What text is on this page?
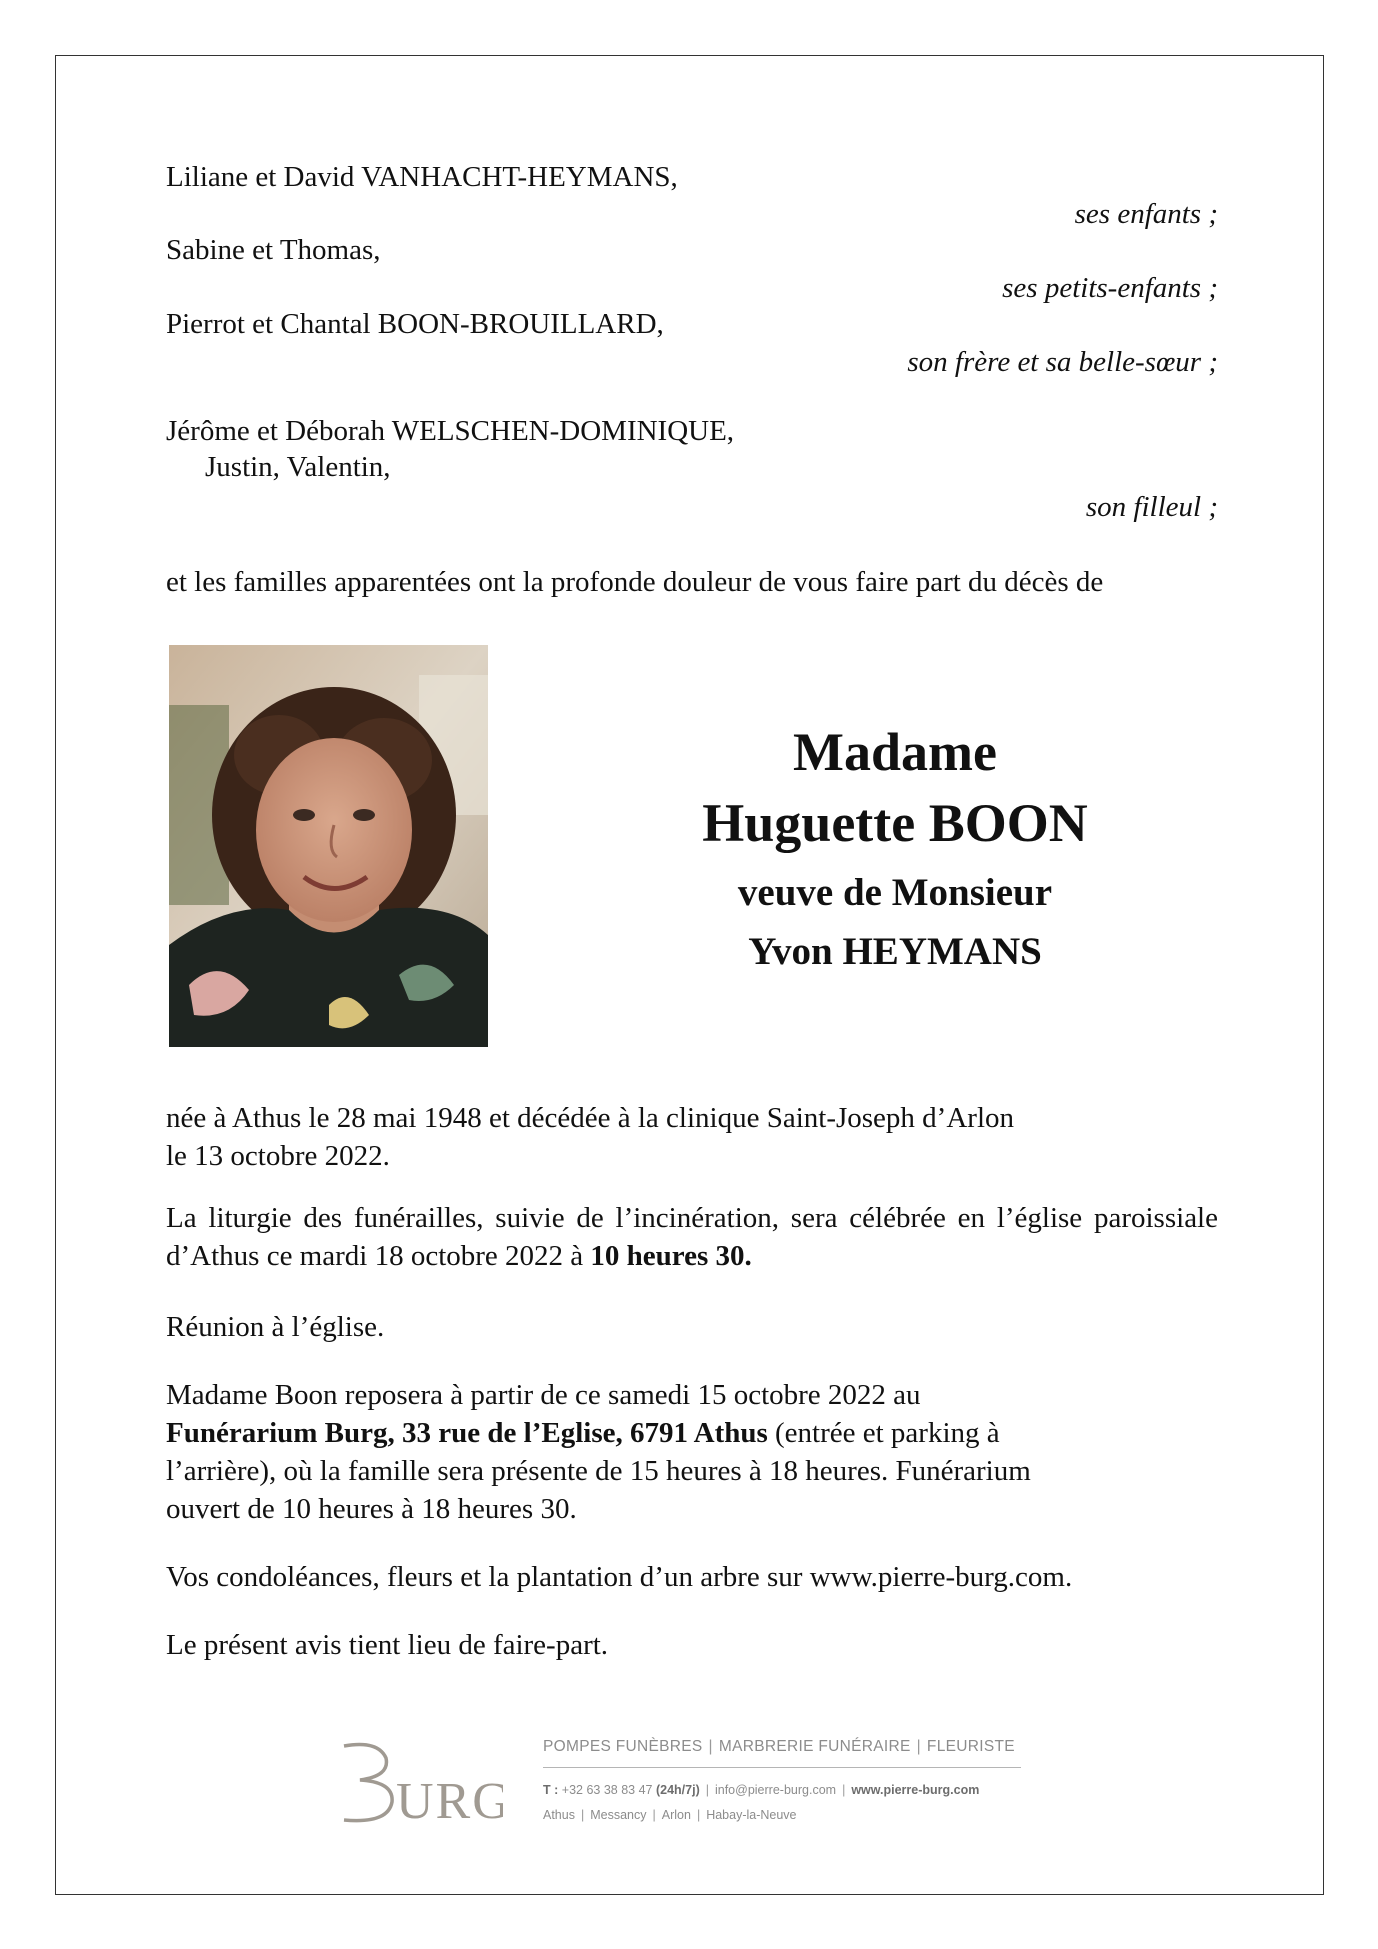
Liliane et David VANHACHT-HEYMANS,
ses enfants ;
Sabine et Thomas,
ses petits-enfants ;
Pierrot et Chantal BOON-BROUILLARD,
son frère et sa belle-sœur ;
Jérôme et Déborah WELSCHEN-DOMINIQUE,
Justin, Valentin,
son filleul ;
et les familles apparentées ont la profonde douleur de vous faire part du décès de
Madame
Huguette BOON
veuve de Monsieur
Yvon HEYMANS
née à Athus le 28 mai 1948 et décédée à la clinique Saint-Joseph d’Arlon
le 13 octobre 2022.
La liturgie des funérailles, suivie de l’incinération, sera célébrée en l’église paroissiale d’Athus ce mardi 18 octobre 2022 à 10 heures 30.
Réunion à l’église.
Madame Boon reposera à partir de ce samedi 15 octobre 2022 au
Funérarium Burg, 33 rue de l’Eglise, 6791 Athus (entrée et parking à
l’arrière), où la famille sera présente de 15 heures à 18 heures. Funérarium
ouvert de 10 heures à 18 heures 30.
Vos condoléances, fleurs et la plantation d’un arbre sur www.pierre-burg.com.
Le présent avis tient lieu de faire-part.
URG
POMPES FUNÈBRES | MARBRERIE FUNÉRAIRE | FLEURISTE
T : +32 63 38 83 47 (24h/7j) | info@pierre-burg.com | www.pierre-burg.com
Athus | Messancy | Arlon | Habay-la-Neuve
